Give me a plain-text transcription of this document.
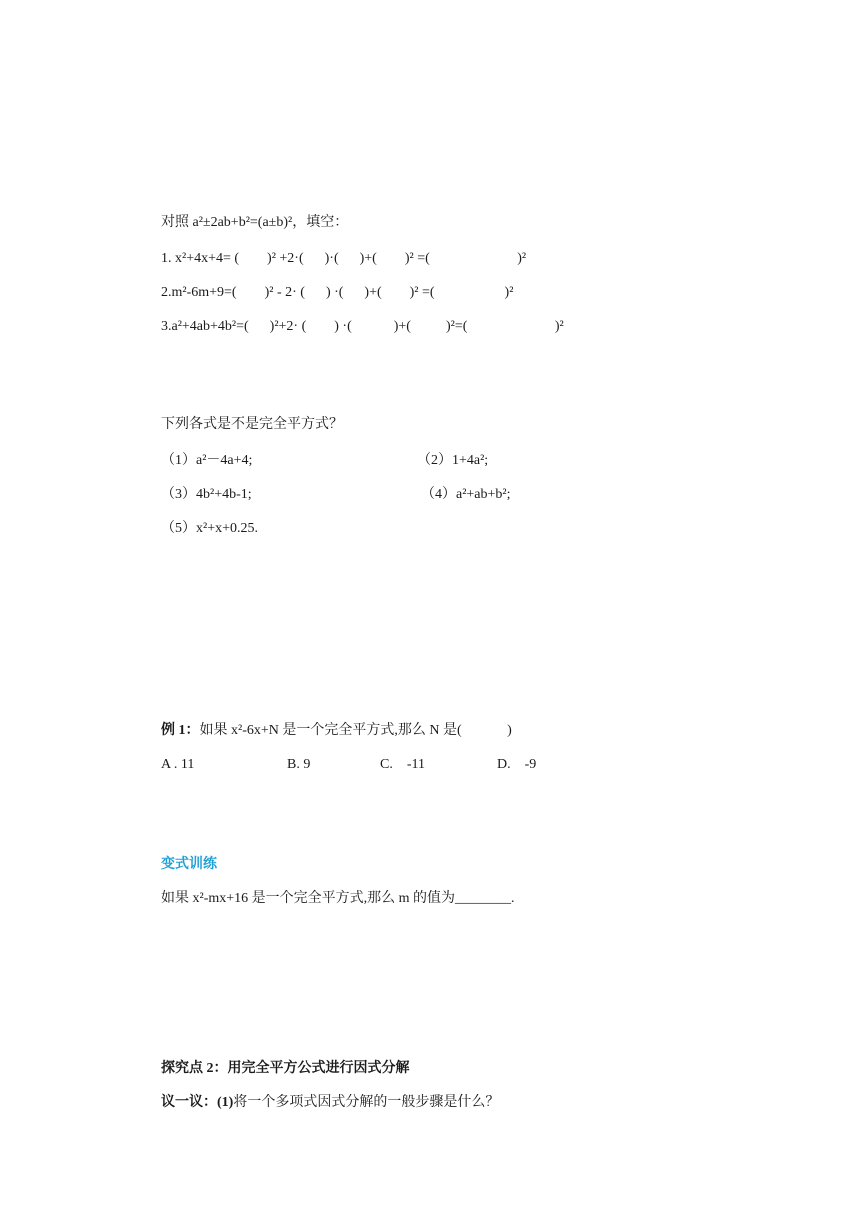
对照 a²±2ab+b²=(a±b)²，填空：
1. x²+4x+4= (        )² +2·(      )·(      )+(        )² =(                         )²
2.m²-6m+9=(        )² - 2· (      ) ·(      )+(        )² =(                    )²
3.a²+4ab+4b²=(      )²+2· (        ) ·(            )+(          )²=(                         )²
下列各式是不是完全平方式？
（1）a²－4a+4;	（2）1+4a²;
（3）4b²+4b-1;	（4）a²+ab+b²;
（5）x²+x+0.25.
例 1：如果 x²-6x+N 是一个完全平方式,那么 N 是(             )
A . 11	B. 9	C.    -11	D.    -9
变式训练
如果 x²-mx+16 是一个完全平方式,那么 m 的值为________.
探究点 2：用完全平方公式进行因式分解
议一议：(1)将一个多项式因式分解的一般步骤是什么？
